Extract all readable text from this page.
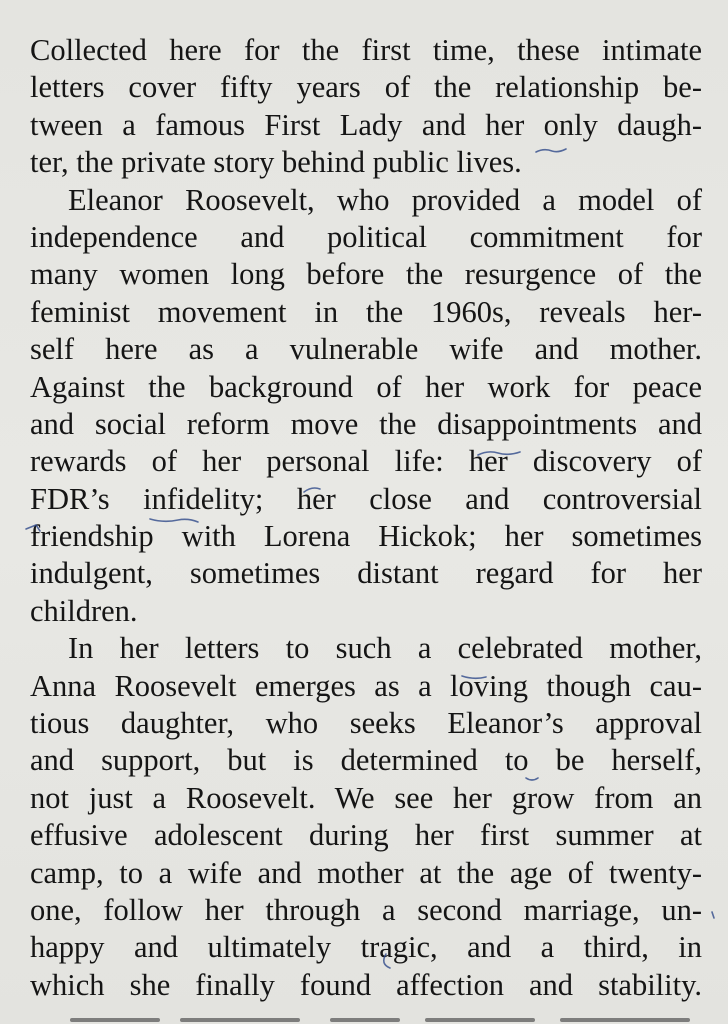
Collected here for the first time, these intimate
letters cover fifty years of the relationship be-
tween a famous First Lady and her only daugh-
ter, the private story behind public lives.
Eleanor Roosevelt, who provided a model of
independence and political commitment for
many women long before the resurgence of the
feminist movement in the 1960s, reveals her-
self here as a vulnerable wife and mother.
Against the background of her work for peace
and social reform move the disappointments and
rewards of her personal life: her discovery of
FDR’s infidelity; her close and controversial
friendship with Lorena Hickok; her sometimes
indulgent, sometimes distant regard for her
children.
In her letters to such a celebrated mother,
Anna Roosevelt emerges as a loving though cau-
tious daughter, who seeks Eleanor’s approval
and support, but is determined to be herself,
not just a Roosevelt. We see her grow from an
effusive adolescent during her first summer at
camp, to a wife and mother at the age of twenty-
one, follow her through a second marriage, un-
happy and ultimately tragic, and a third, in
which she finally found affection and stability.
